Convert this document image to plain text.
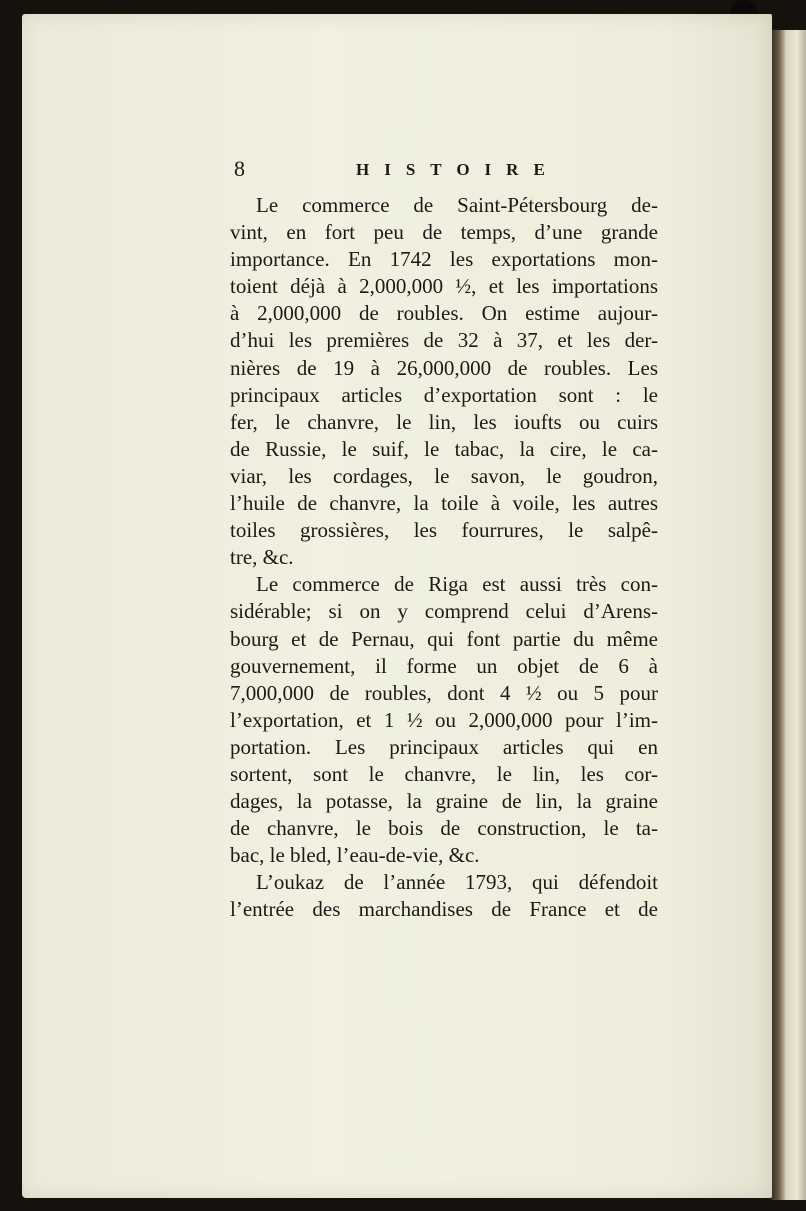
8	HISTOIRE
Le commerce de Saint-Pétersbourg de-
vint, en fort peu de temps, d’une grande
importance. En 1742 les exportations mon-
toient déjà à 2,000,000 ½, et les importations
à 2,000,000 de roubles. On estime aujour-
d’hui les premières de 32 à 37, et les der-
nières de 19 à 26,000,000 de roubles. Les
principaux articles d’exportation sont : le
fer, le chanvre, le lin, les ioufts ou cuirs
de Russie, le suif, le tabac, la cire, le ca-
viar, les cordages, le savon, le goudron,
l’huile de chanvre, la toile à voile, les autres
toiles grossières, les fourrures, le salpê-
tre, &c.
Le commerce de Riga est aussi très con-
sidérable; si on y comprend celui d’Arens-
bourg et de Pernau, qui font partie du même
gouvernement, il forme un objet de 6 à
7,000,000 de roubles, dont 4 ½ ou 5 pour
l’exportation, et 1 ½ ou 2,000,000 pour l’im-
portation. Les principaux articles qui en
sortent, sont le chanvre, le lin, les cor-
dages, la potasse, la graine de lin, la graine
de chanvre, le bois de construction, le ta-
bac, le bled, l’eau-de-vie, &c.
L’oukaz de l’année 1793, qui défendoit
l’entrée des marchandises de France et de
